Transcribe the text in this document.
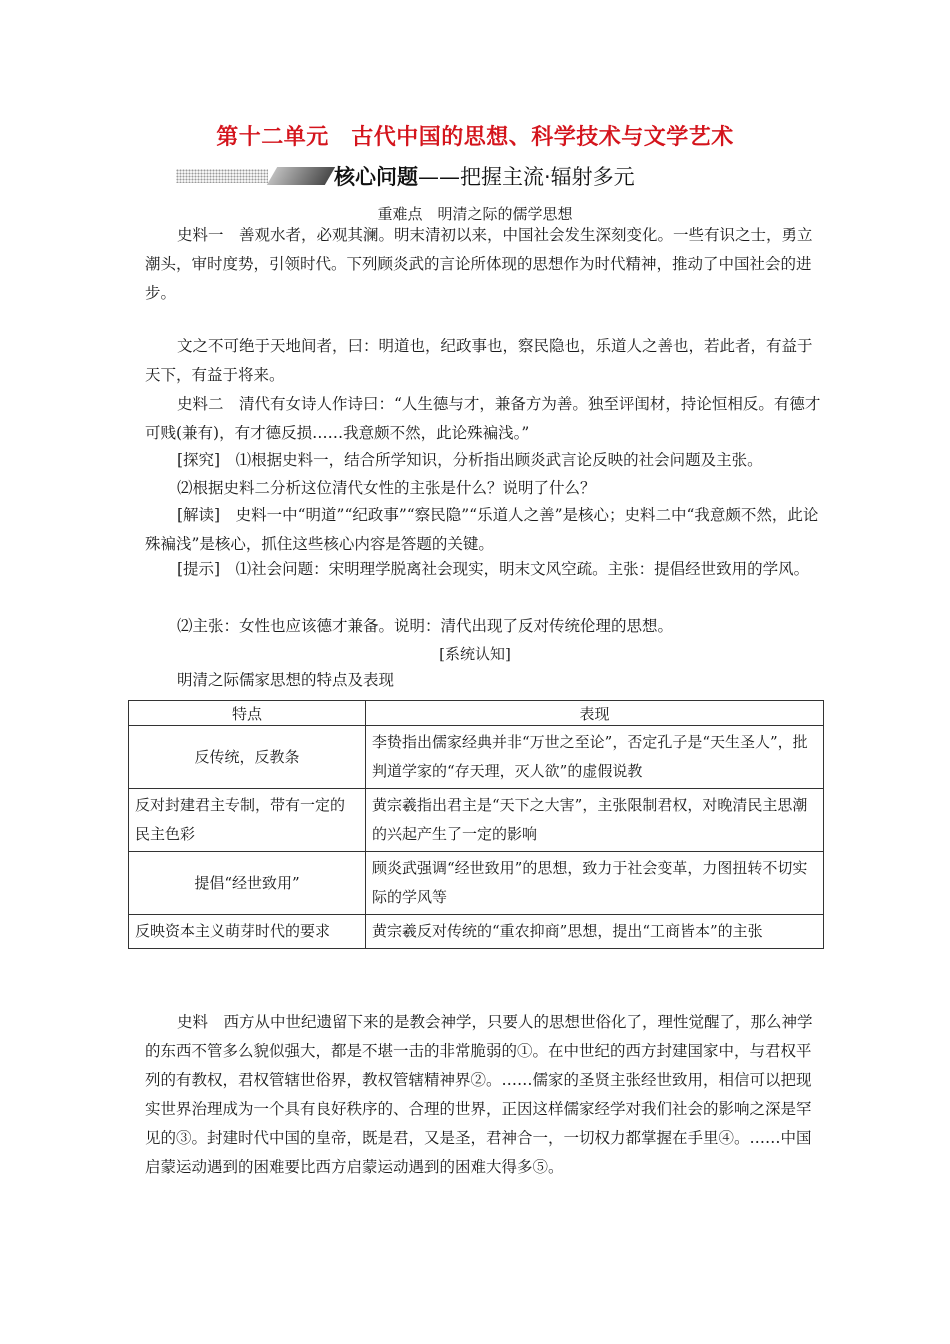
第十二单元　古代中国的思想、科学技术与文学艺术
核心问题——把握主流·辐射多元
重难点　明清之际的儒学思想

史料一　善观水者，必观其澜。明末清初以来，中国社会发生深刻变化。一些有识之士，勇立潮头，审时度势，引领时代。下列顾炎武的言论所体现的思想作为时代精神，推动了中国社会的进步。

文之不可绝于天地间者，曰：明道也，纪政事也，察民隐也，乐道人之善也，若此者，有益于天下，有益于将来。

史料二　清代有女诗人作诗曰：“人生德与才，兼备方为善。独至评闺材，持论恒相反。有德才可贱(兼有)，有才德反损……我意颇不然，此论殊褊浅。”

[探究]　⑴根据史料一，结合所学知识，分析指出顾炎武言论反映的社会问题及主张。

⑵根据史料二分析这位清代女性的主张是什么？说明了什么？

[解读]　史料一中“明道”“纪政事”“察民隐”“乐道人之善”是核心；史料二中“我意颇不然，此论殊褊浅”是核心，抓住这些核心内容是答题的关键。

[提示]　⑴社会问题：宋明理学脱离社会现实，明末文风空疏。主张：提倡经世致用的学风。

⑵主张：女性也应该德才兼备。说明：清代出现了反对传统伦理的思想。

[系统认知]

明清之际儒家思想的特点及表现

特点	表现
反传统，反教条	李贽指出儒家经典并非“万世之至论”，否定孔子是“天生圣人”，批判道学家的“存天理，灭人欲”的虚假说教
反对封建君主专制，带有一定的民主色彩	黄宗羲指出君主是“天下之大害”，主张限制君权，对晚清民主思潮的兴起产生了一定的影响
提倡“经世致用”	顾炎武强调“经世致用”的思想，致力于社会变革，力图扭转不切实际的学风等
反映资本主义萌芽时代的要求	黄宗羲反对传统的“重农抑商”思想，提出“工商皆本”的主张

史料　西方从中世纪遗留下来的是教会神学，只要人的思想世俗化了，理性觉醒了，那么神学的东西不管多么貌似强大，都是不堪一击的非常脆弱的①。在中世纪的西方封建国家中，与君权平列的有教权，君权管辖世俗界，教权管辖精神界②。……儒家的圣贤主张经世致用，相信可以把现实世界治理成为一个具有良好秩序的、合理的世界，正因这样儒家经学对我们社会的影响之深是罕见的③。封建时代中国的皇帝，既是君，又是圣，君神合一，一切权力都掌握在手里④。……中国启蒙运动遇到的困难要比西方启蒙运动遇到的困难大得多⑤。
